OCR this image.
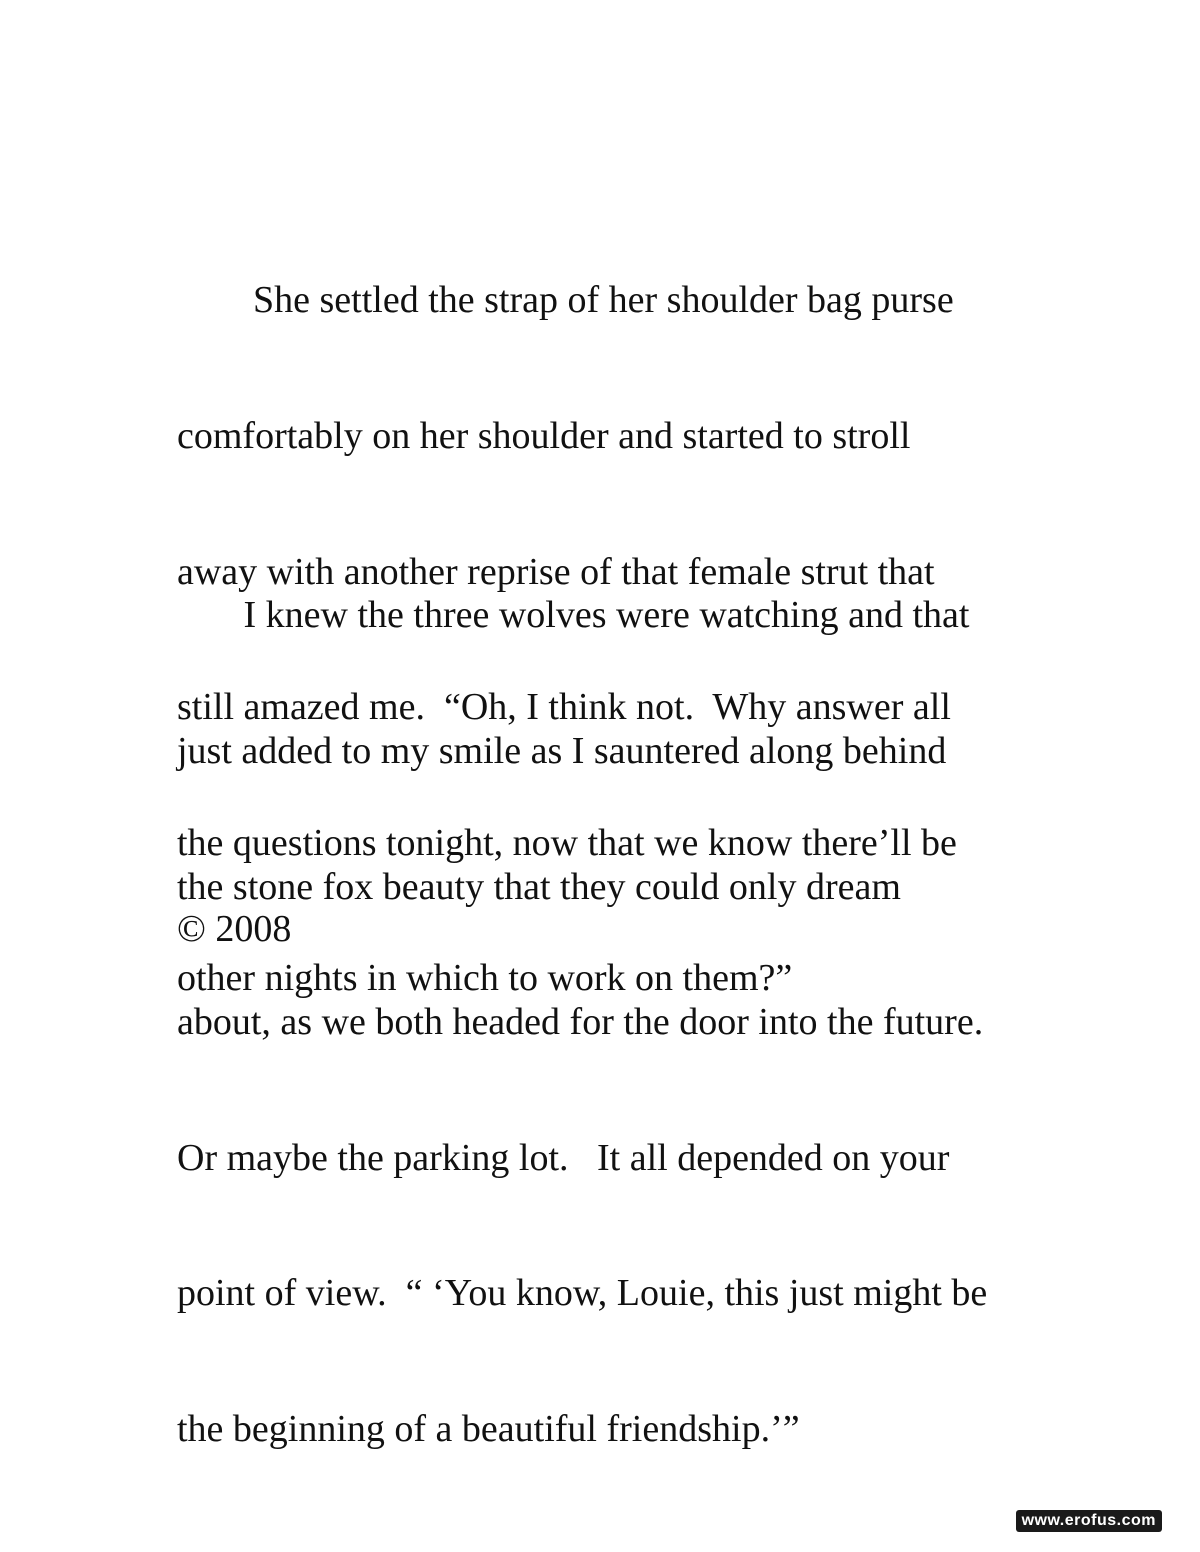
She settled the strap of her shoulder bag purse

comfortably on her shoulder and started to stroll

away with another reprise of that female strut that

still amazed me.  “Oh, I think not.  Why answer all

the questions tonight, now that we know there’ll be

other nights in which to work on them?”

I knew the three wolves were watching and that

just added to my smile as I sauntered along behind

the stone fox beauty that they could only dream

about, as we both headed for the door into the future.

Or maybe the parking lot.   It all depended on your

point of view.  “ ‘You know, Louie, this just might be

the beginning of a beautiful friendship.’”

© 2008
www.erofus.com
